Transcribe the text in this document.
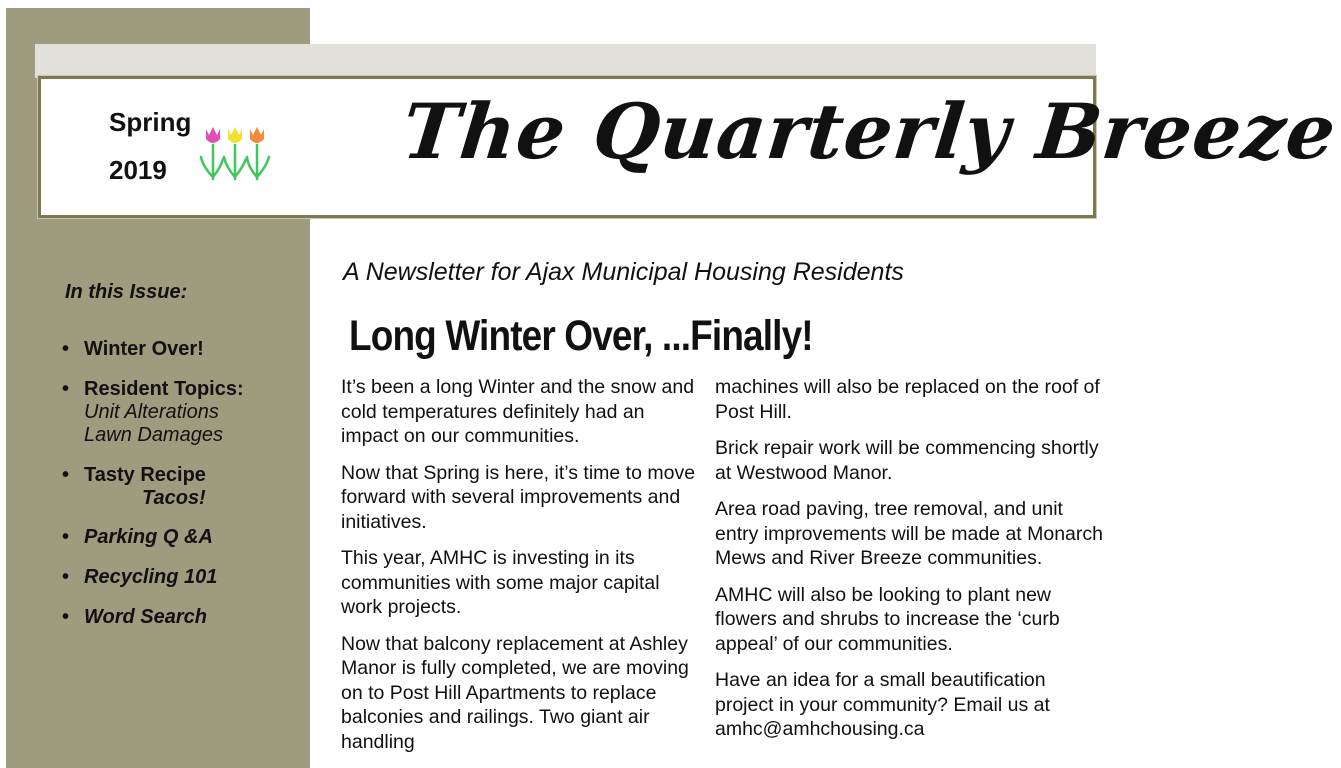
Spring
2019	The Quarterly Breeze
In this Issue:
• Winter Over!
• Resident Topics:
Unit Alterations
Lawn Damages
• Tasty Recipe
Tacos!
• Parking Q &A
• Recycling 101
• Word Search
A Newsletter for Ajax Municipal Housing Residents
Long Winter Over, ...Finally!

It’s been a long Winter and the snow and cold temperatures definitely had an impact on our communities.

Now that Spring is here, it’s time to move forward with several improvements and initiatives.

This year, AMHC is investing in its communities with some major capital work projects.

Now that balcony replacement at Ashley Manor is fully completed, we are moving on to Post Hill Apartments to replace balconies and railings. Two giant air handling

machines will also be replaced on the roof of Post Hill.

Brick repair work will be commencing shortly at Westwood Manor.

Area road paving, tree removal, and unit entry improvements will be made at Monarch Mews and River Breeze communities.

AMHC will also be looking to plant new flowers and shrubs to increase the ‘curb appeal’ of our communities.

Have an idea for a small beautification project in your community? Email us at amhc@amhchousing.ca
